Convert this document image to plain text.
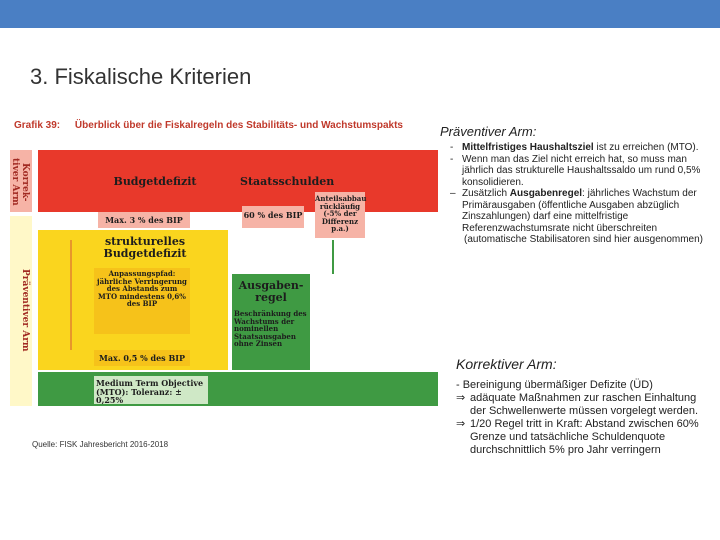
3. Fiskalische Kriterien
Grafik 39: Überblick über die Fiskalregeln des Stabilitäts- und Wachstumspakts
Korrek- tiver Arm
Präventiver Arm
Budgetdefizit
Max. 3 % des BIP
Staatsschulden
60 % des BIP
Anteilsabbau rückläufig (-5% der Differenz p.a.)
strukturelles Budgetdefizit
Anpassungspfad: jährliche Verringerung des Abstands zum MTO mindestens 0,6% des BIP
Max. 0,5 % des BIP
Ausgaben-regel
Beschränkung des Wachstums der nominellen Staatsausgaben ohne Zinsen
Medium Term Objective (MTO): Toleranz: ± 0,25%
Quelle: FISK Jahresbericht 2016-2018
Präventiver Arm:
- Mittelfristiges Haushaltsziel ist zu erreichen (MTO).
- Wenn man das Ziel nicht erreich hat, so muss man jährlich das strukturelle Haushaltssaldo um rund 0,5% konsolidieren.
– Zusätzlich Ausgabenregel: jährliches Wachstum der Primärausgaben (öffentliche Ausgaben abzüglich Zinszahlungen) darf eine mittelfristige Referenzwachstumsrate nicht überschreiten
(automatische Stabilisatoren sind hier ausgenommen)
Korrektiver Arm:
- Bereinigung übermäßiger Defizite (ÜD)
⇒ adäquate Maßnahmen zur raschen Einhaltung der Schwellenwerte müssen vorgelegt werden.
⇒ 1/20 Regel tritt in Kraft: Abstand zwischen 60% Grenze und tatsächliche Schuldenquote durchschnittlich 5% pro Jahr verringern
